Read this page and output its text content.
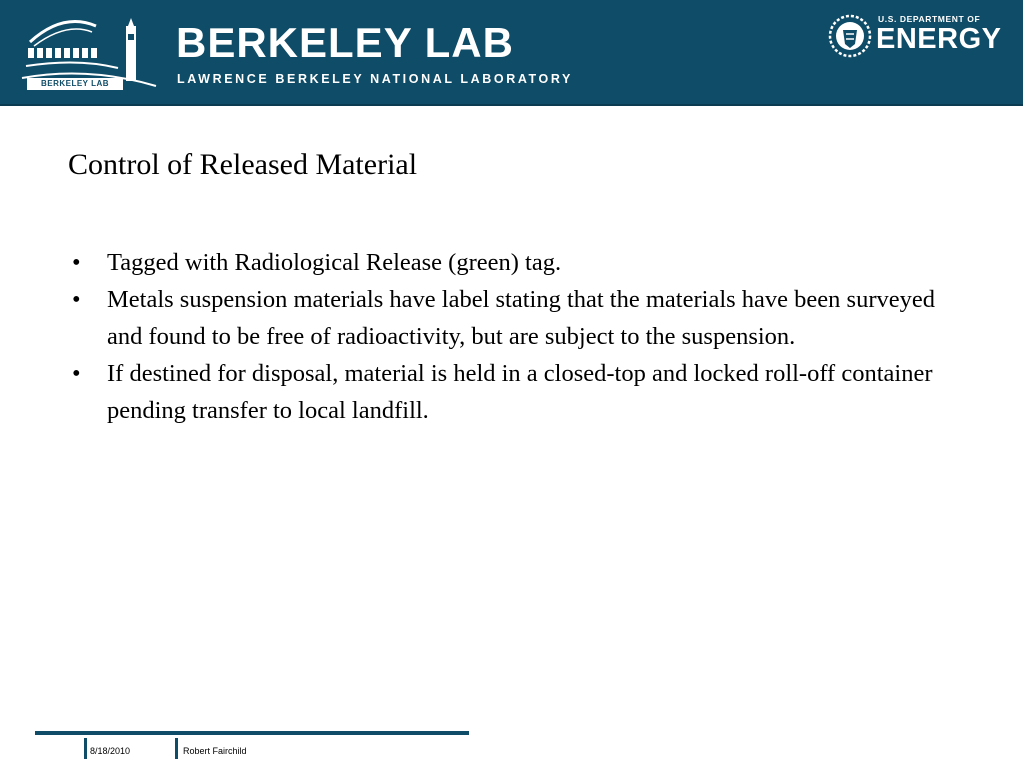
BERKELEY LAB
BERKELEY LAB
LAWRENCE BERKELEY NATIONAL LABORATORY
U.S. DEPARTMENT OF
ENERGY
Control of Released Material
• Tagged with Radiological Release (green) tag.
• Metals suspension materials have label stating that the materials have been surveyed and found to be free of radioactivity, but are subject to the suspension.
• If destined for disposal, material is held in a closed-top and locked roll-off container pending transfer to local landfill.
8/18/2010	Robert Fairchild
